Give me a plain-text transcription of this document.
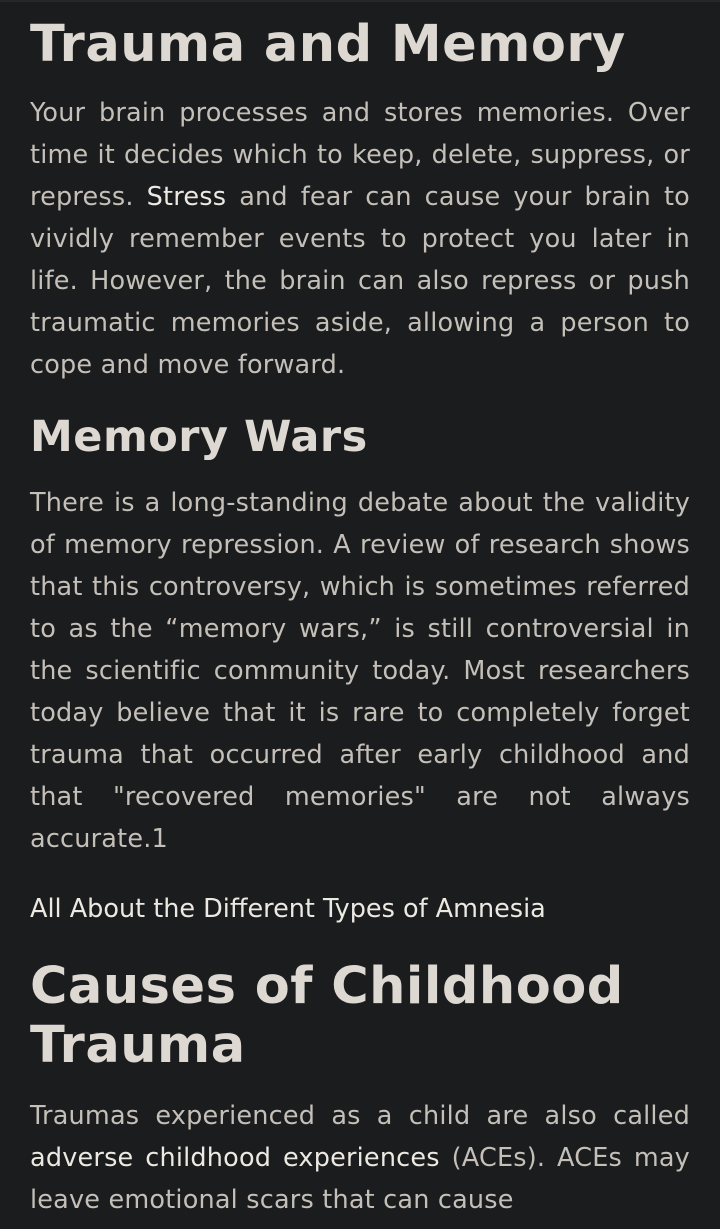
Trauma and Memory

Your brain processes and stores memories. Over time it decides which to keep, delete, suppress, or repress. Stress and fear can cause your brain to vividly remember events to protect you later in life. However, the brain can also repress or push traumatic memories aside, allowing a person to cope and move forward.

Memory Wars

There is a long-standing debate about the validity of memory repression. A review of research shows that this controversy, which is sometimes referred to as the “memory wars,” is still controversial in the scientific community today. Most researchers today believe that it is rare to completely forget trauma that occurred after early childhood and that "recovered memories" are not always accurate.1

All About the Different Types of Amnesia
Causes of Childhood Trauma

Traumas experienced as a child are also called adverse childhood experiences (ACEs). ACEs may leave emotional scars that can cause
